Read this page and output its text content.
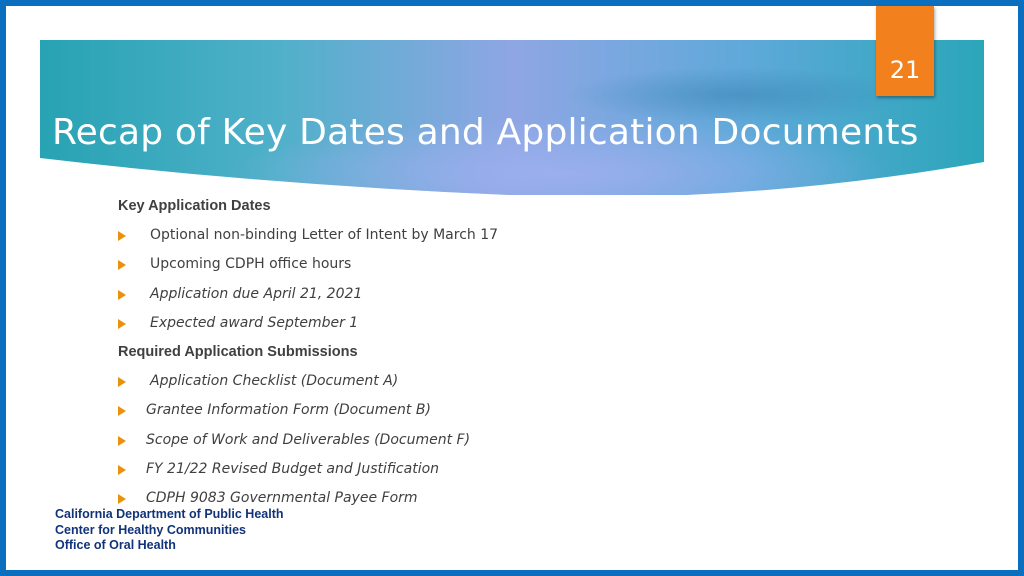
Recap of Key Dates and Application Documents
21
Key Application Dates
Optional non-binding Letter of Intent by March 17
Upcoming CDPH office hours
Application due April 21, 2021
Expected award September 1
Required Application Submissions
Application Checklist (Document A)
Grantee Information Form (Document B)
Scope of Work and Deliverables (Document F)
FY 21/22 Revised Budget and Justification
CDPH 9083 Governmental Payee Form
California Department of Public Health
Center for Healthy Communities
Office of Oral Health
